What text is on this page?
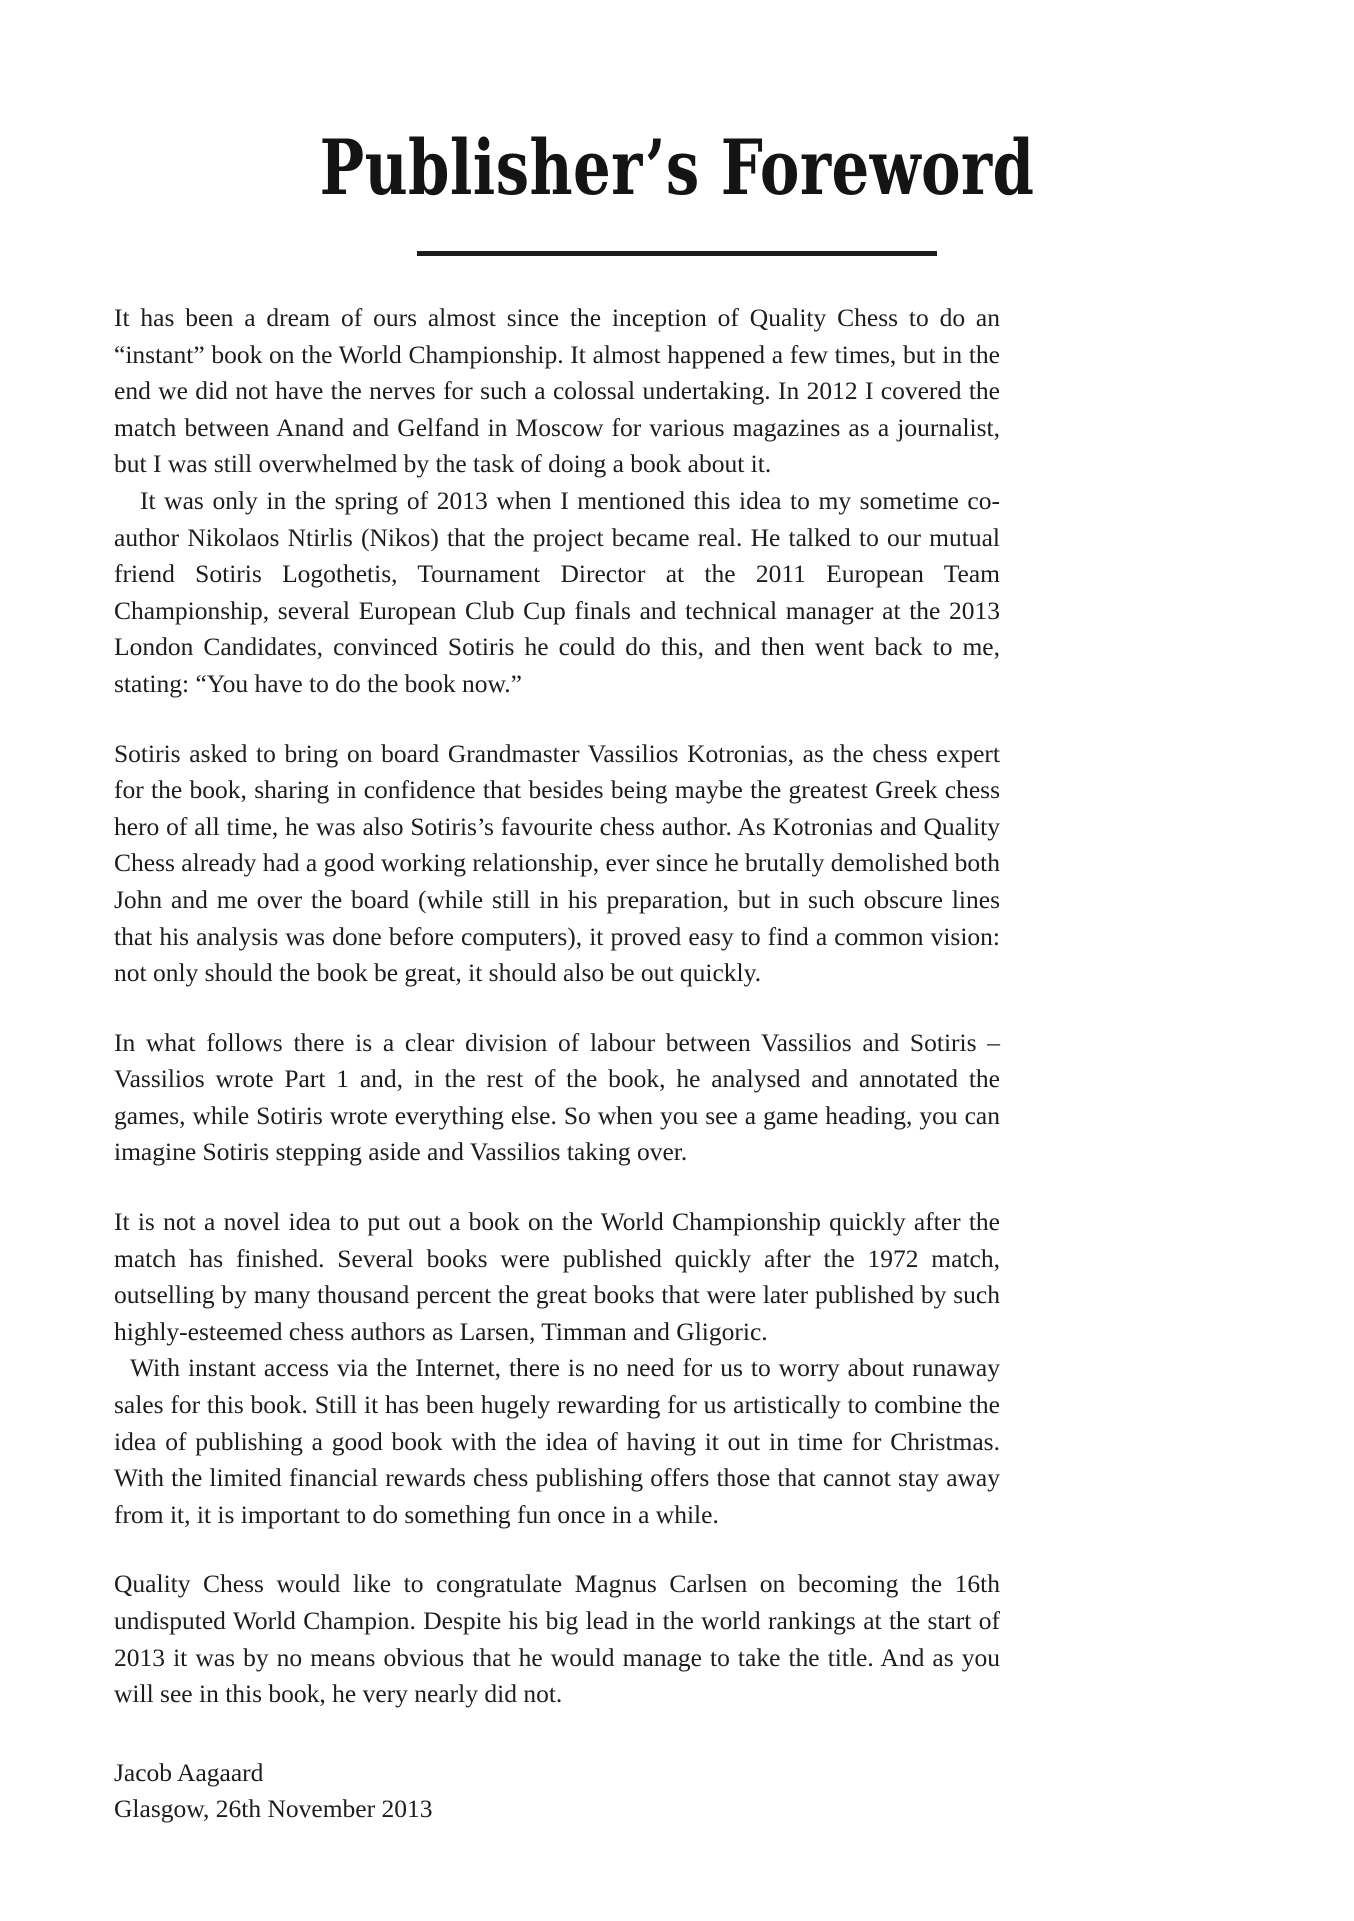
Publisher’s Foreword

It has been a dream of ours almost since the inception of Quality Chess to do an “instant” book on the World Championship. It almost happened a few times, but in the end we did not have the nerves for such a colossal undertaking. In 2012 I covered the match between Anand and Gelfand in Moscow for various magazines as a journalist, but I was still overwhelmed by the task of doing a book about it.

It was only in the spring of 2013 when I mentioned this idea to my sometime co-author Nikolaos Ntirlis (Nikos) that the project became real. He talked to our mutual friend Sotiris Logothetis, Tournament Director at the 2011 European Team Championship, several European Club Cup finals and technical manager at the 2013 London Candidates, convinced Sotiris he could do this, and then went back to me, stating: “You have to do the book now.”

Sotiris asked to bring on board Grandmaster Vassilios Kotronias, as the chess expert for the book, sharing in confidence that besides being maybe the greatest Greek chess hero of all time, he was also Sotiris’s favourite chess author. As Kotronias and Quality Chess already had a good working relationship, ever since he brutally demolished both John and me over the board (while still in his preparation, but in such obscure lines that his analysis was done before computers), it proved easy to find a common vision: not only should the book be great, it should also be out quickly.

In what follows there is a clear division of labour between Vassilios and Sotiris – Vassilios wrote Part 1 and, in the rest of the book, he analysed and annotated the games, while Sotiris wrote everything else. So when you see a game heading, you can imagine Sotiris stepping aside and Vassilios taking over.

It is not a novel idea to put out a book on the World Championship quickly after the match has finished. Several books were published quickly after the 1972 match, outselling by many thousand percent the great books that were later published by such highly-esteemed chess authors as Larsen, Timman and Gligoric.

With instant access via the Internet, there is no need for us to worry about runaway sales for this book. Still it has been hugely rewarding for us artistically to combine the idea of publishing a good book with the idea of having it out in time for Christmas. With the limited financial rewards chess publishing offers those that cannot stay away from it, it is important to do something fun once in a while.

Quality Chess would like to congratulate Magnus Carlsen on becoming the 16th undisputed World Champion. Despite his big lead in the world rankings at the start of 2013 it was by no means obvious that he would manage to take the title. And as you will see in this book, he very nearly did not.

Jacob Aagaard

Glasgow, 26th November 2013
